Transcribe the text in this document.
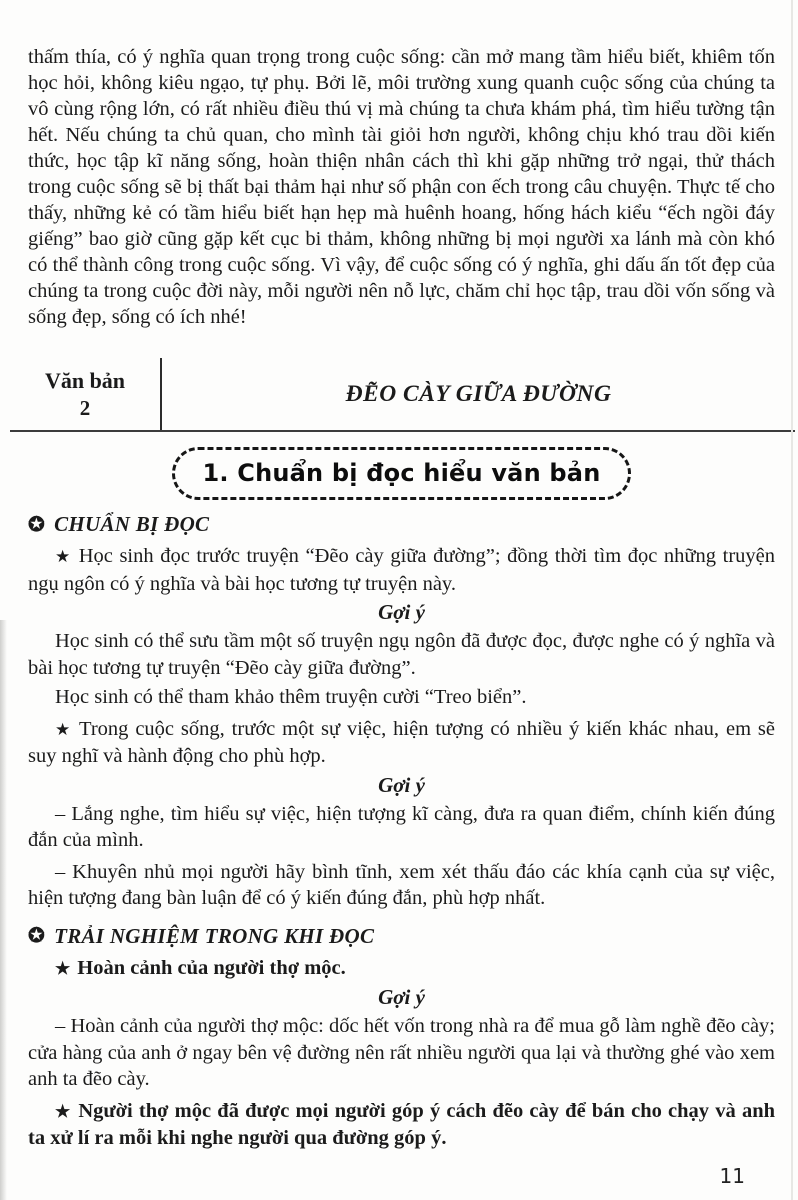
thấm thía, có ý nghĩa quan trọng trong cuộc sống: cần mở mang tầm hiểu biết, khiêm tốn học hỏi, không kiêu ngạo, tự phụ. Bởi lẽ, môi trường xung quanh cuộc sống của chúng ta vô cùng rộng lớn, có rất nhiều điều thú vị mà chúng ta chưa khám phá, tìm hiểu tường tận hết. Nếu chúng ta chủ quan, cho mình tài giỏi hơn người, không chịu khó trau dồi kiến thức, học tập kĩ năng sống, hoàn thiện nhân cách thì khi gặp những trở ngại, thử thách trong cuộc sống sẽ bị thất bại thảm hại như số phận con ếch trong câu chuyện. Thực tế cho thấy, những kẻ có tầm hiểu biết hạn hẹp mà huênh hoang, hống hách kiểu “ếch ngồi đáy giếng” bao giờ cũng gặp kết cục bi thảm, không những bị mọi người xa lánh mà còn khó có thể thành công trong cuộc sống. Vì vậy, để cuộc sống có ý nghĩa, ghi dấu ấn tốt đẹp của chúng ta trong cuộc đời này, mỗi người nên nỗ lực, chăm chỉ học tập, trau dồi vốn sống và sống đẹp, sống có ích nhé!

Văn bản
2
ĐẼO CÀY GIỮA ĐƯỜNG
1. Chuẩn bị đọc hiểu văn bản
✪ CHUẨN BỊ ĐỌC

★ Học sinh đọc trước truyện “Đẽo cày giữa đường”; đồng thời tìm đọc những truyện ngụ ngôn có ý nghĩa và bài học tương tự truyện này.

Gợi ý

Học sinh có thể sưu tầm một số truyện ngụ ngôn đã được đọc, được nghe có ý nghĩa và bài học tương tự truyện “Đẽo cày giữa đường”.

Học sinh có thể tham khảo thêm truyện cười “Treo biển”.

★ Trong cuộc sống, trước một sự việc, hiện tượng có nhiều ý kiến khác nhau, em sẽ suy nghĩ và hành động cho phù hợp.

Gợi ý

– Lắng nghe, tìm hiểu sự việc, hiện tượng kĩ càng, đưa ra quan điểm, chính kiến đúng đắn của mình.

– Khuyên nhủ mọi người hãy bình tĩnh, xem xét thấu đáo các khía cạnh của sự việc, hiện tượng đang bàn luận để có ý kiến đúng đắn, phù hợp nhất.

✪ TRẢI NGHIỆM TRONG KHI ĐỌC

★ Hoàn cảnh của người thợ mộc.

Gợi ý

– Hoàn cảnh của người thợ mộc: dốc hết vốn trong nhà ra để mua gỗ làm nghề đẽo cày; cửa hàng của anh ở ngay bên vệ đường nên rất nhiều người qua lại và thường ghé vào xem anh ta đẽo cày.

★ Người thợ mộc đã được mọi người góp ý cách đẽo cày để bán cho chạy và anh ta xử lí ra mỗi khi nghe người qua đường góp ý.

11
